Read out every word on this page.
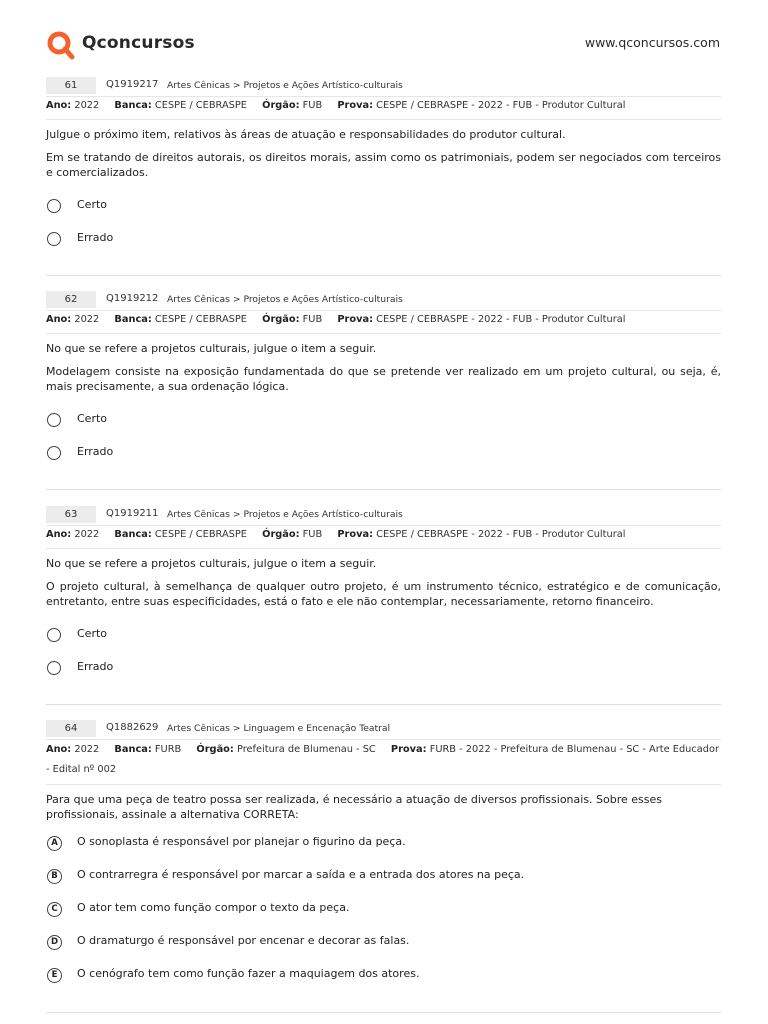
Qconcursos	www.qconcursos.com
61	Q1919217 Artes Cênicas > Projetos e Ações Artístico-culturais
Ano: 2022 Banca: CESPE / CEBRASPE Órgão: FUB Prova: CESPE / CEBRASPE - 2022 - FUB - Produtor Cultural

Julgue o próximo item, relativos às áreas de atuação e responsabilidades do produtor cultural.

Em se tratando de direitos autorais, os direitos morais, assim como os patrimoniais, podem ser negociados com terceiros e comercializados.

Certo
Errado
62	Q1919212 Artes Cênicas > Projetos e Ações Artístico-culturais
Ano: 2022 Banca: CESPE / CEBRASPE Órgão: FUB Prova: CESPE / CEBRASPE - 2022 - FUB - Produtor Cultural

No que se refere a projetos culturais, julgue o item a seguir.

Modelagem consiste na exposição fundamentada do que se pretende ver realizado em um projeto cultural, ou seja, é, mais precisamente, a sua ordenação lógica.

Certo
Errado
63	Q1919211 Artes Cênicas > Projetos e Ações Artístico-culturais
Ano: 2022 Banca: CESPE / CEBRASPE Órgão: FUB Prova: CESPE / CEBRASPE - 2022 - FUB - Produtor Cultural

No que se refere a projetos culturais, julgue o item a seguir.

O projeto cultural, à semelhança de qualquer outro projeto, é um instrumento técnico, estratégico e de comunicação, entretanto, entre suas especificidades, está o fato e ele não contemplar, necessariamente, retorno financeiro.

Certo
Errado
64	Q1882629 Artes Cênicas > Linguagem e Encenação Teatral
Ano: 2022 Banca: FURB Órgão: Prefeitura de Blumenau - SC Prova: FURB - 2022 - Prefeitura de Blumenau - SC - Arte Educador - Edital nº 002

Para que uma peça de teatro possa ser realizada, é necessário a atuação de diversos profissionais. Sobre esses profissionais, assinale a alternativa CORRETA:

A	O sonoplasta é responsável por planejar o figurino da peça.
B	O contrarregra é responsável por marcar a saída e a entrada dos atores na peça.
C	O ator tem como função compor o texto da peça.
D	O dramaturgo é responsável por encenar e decorar as falas.
E	O cenógrafo tem como função fazer a maquiagem dos atores.
